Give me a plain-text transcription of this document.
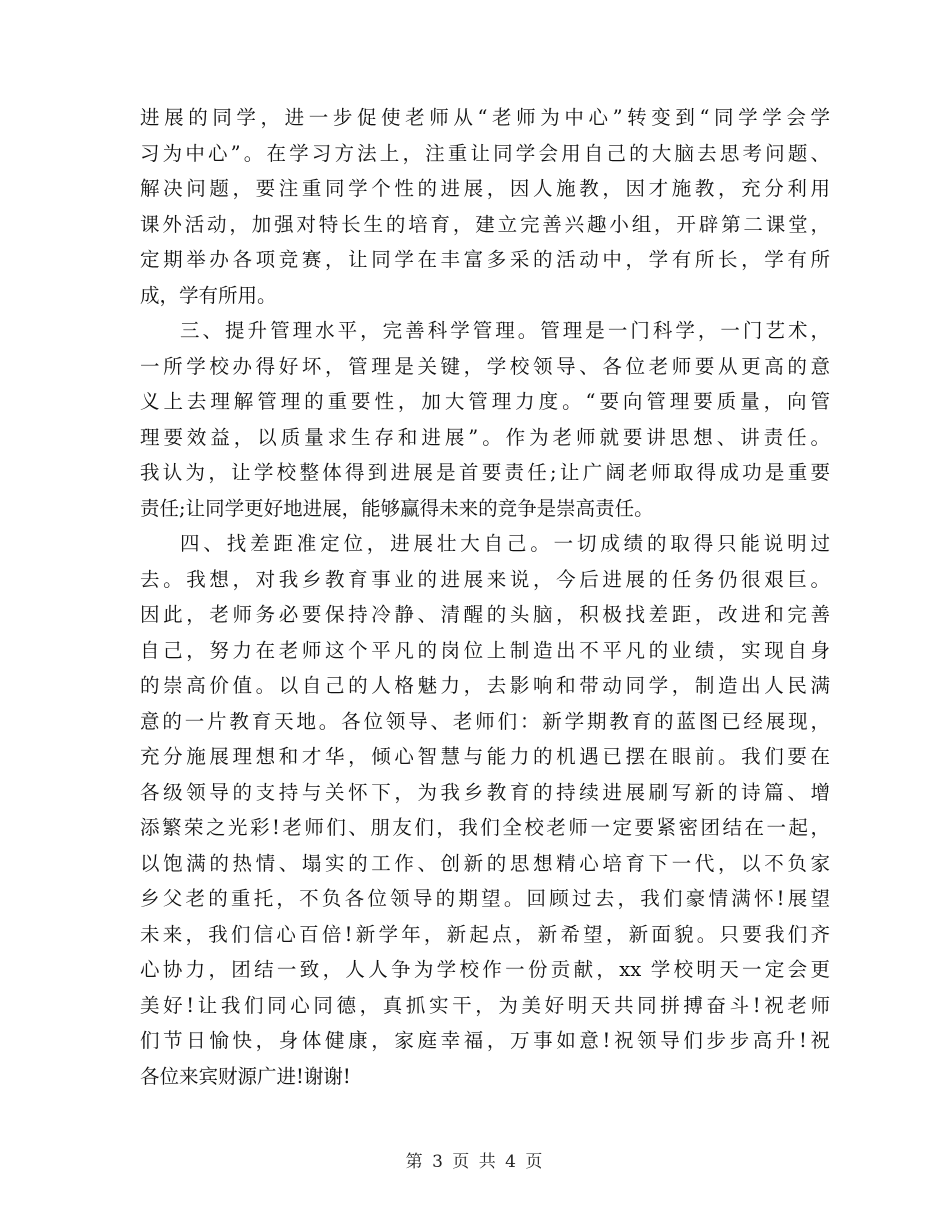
进展的同学，进一步促使老师从“老师为中心”转变到“同学学会学
习为中心”。在学习方法上，注重让同学会用自己的大脑去思考问题、
解决问题，要注重同学个性的进展，因人施教，因才施教，充分利用
课外活动，加强对特长生的培育，建立完善兴趣小组，开辟第二课堂，
定期举办各项竞赛，让同学在丰富多采的活动中，学有所长，学有所
成，学有所用。
三、提升管理水平，完善科学管理。管理是一门科学，一门艺术，
一所学校办得好坏，管理是关键，学校领导、各位老师要从更高的意
义上去理解管理的重要性，加大管理力度。“要向管理要质量，向管
理要效益，以质量求生存和进展”。作为老师就要讲思想、讲责任。
我认为，让学校整体得到进展是首要责任;让广阔老师取得成功是重要
责任;让同学更好地进展，能够赢得未来的竞争是崇高责任。
四、找差距准定位，进展壮大自己。一切成绩的取得只能说明过
去。我想，对我乡教育事业的进展来说，今后进展的任务仍很艰巨。
因此，老师务必要保持冷静、清醒的头脑，积极找差距，改进和完善
自己，努力在老师这个平凡的岗位上制造出不平凡的业绩，实现自身
的崇高价值。以自己的人格魅力，去影响和带动同学，制造出人民满
意的一片教育天地。各位领导、老师们：新学期教育的蓝图已经展现，
充分施展理想和才华，倾心智慧与能力的机遇已摆在眼前。我们要在
各级领导的支持与关怀下，为我乡教育的持续进展刷写新的诗篇、增
添繁荣之光彩!老师们、朋友们，我们全校老师一定要紧密团结在一起，
以饱满的热情、塌实的工作、创新的思想精心培育下一代，以不负家
乡父老的重托，不负各位领导的期望。回顾过去，我们豪情满怀!展望
未来，我们信心百倍!新学年，新起点，新希望，新面貌。只要我们齐
心协力，团结一致，人人争为学校作一份贡献，xx 学校明天一定会更
美好!让我们同心同德，真抓实干，为美好明天共同拼搏奋斗!祝老师
们节日愉快，身体健康，家庭幸福，万事如意!祝领导们步步高升!祝
各位来宾财源广进!谢谢!
第 3 页 共 4 页
